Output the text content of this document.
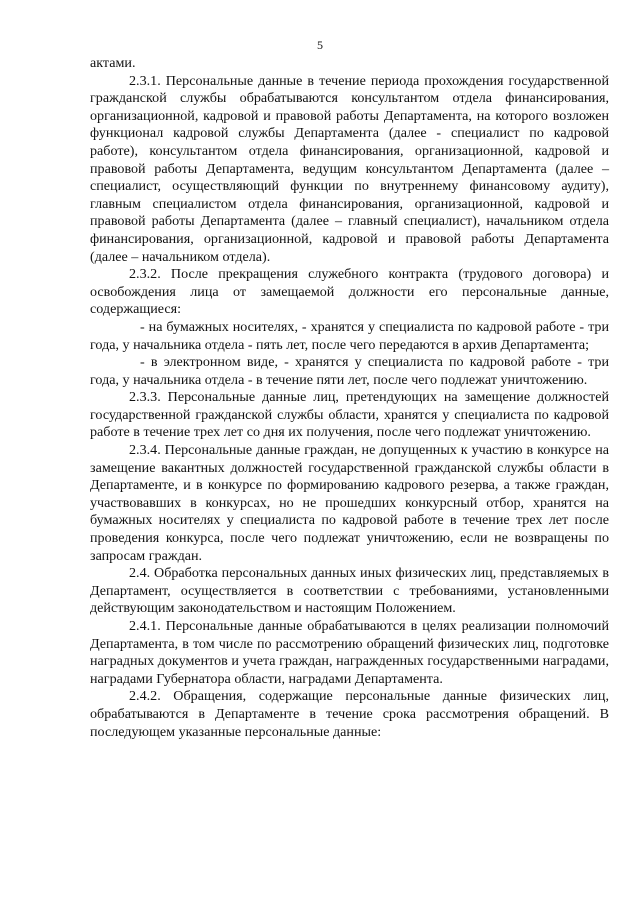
5

актами.

2.3.1. Персональные данные в течение периода прохождения государственной гражданской службы обрабатываются консультантом отдела финансирования, организационной, кадровой и правовой работы Департамента, на которого возложен функционал кадровой службы Департамента (далее - специалист по кадровой работе), консультантом отдела финансирования, организационной, кадровой и правовой работы Департамента, ведущим консультантом Департамента (далее – специалист, осуществляющий функции по внутреннему финансовому аудиту), главным специалистом отдела финансирования, организационной, кадровой и правовой работы Департамента (далее – главный специалист), начальником отдела финансирования, организационной, кадровой и правовой работы Департамента (далее – начальником отдела).

2.3.2. После прекращения служебного контракта (трудового договора) и освобождения лица от замещаемой должности его персональные данные, содержащиеся:

- на бумажных носителях, - хранятся у специалиста по кадровой работе - три года, у начальника отдела - пять лет, после чего передаются в архив Департамента;

- в электронном виде, - хранятся у специалиста по кадровой работе - три года, у начальника отдела - в течение пяти лет, после чего подлежат уничтожению.

2.3.3. Персональные данные лиц, претендующих на замещение должностей государственной гражданской службы области, хранятся у специалиста по кадровой работе в течение трех лет со дня их получения, после чего подлежат уничтожению.

2.3.4. Персональные данные граждан, не допущенных к участию в конкурсе на замещение вакантных должностей государственной гражданской службы области в Департаменте, и в конкурсе по формированию кадрового резерва, а также граждан, участвовавших в конкурсах, но не прошедших конкурсный отбор, хранятся на бумажных носителях у специалиста по кадровой работе в течение трех лет после проведения конкурса, после чего подлежат уничтожению, если не возвращены по запросам граждан.

2.4. Обработка персональных данных иных физических лиц, представляемых в Департамент, осуществляется в соответствии с требованиями, установленными действующим законодательством и настоящим Положением.

2.4.1. Персональные данные обрабатываются в целях реализации полномочий Департамента, в том числе по рассмотрению обращений физических лиц, подготовке наградных документов и учета граждан, награжденных государственными наградами, наградами Губернатора области, наградами Департамента.

2.4.2. Обращения, содержащие персональные данные физических лиц, обрабатываются в Департаменте в течение срока рассмотрения обращений. В последующем указанные персональные данные:
